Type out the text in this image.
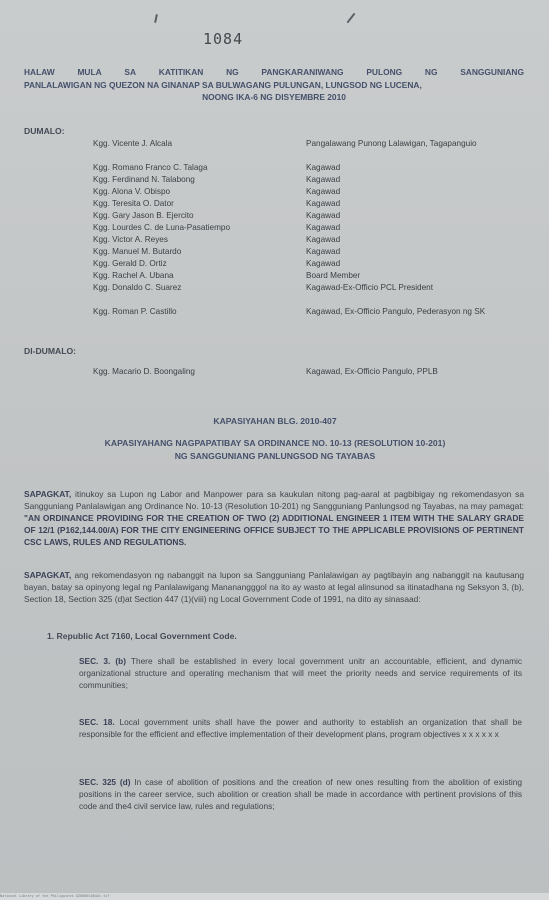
1084
HALAW	MULA	SA	KATITIKAN	NG	PANGKARANIWANG	PULONG	NG	SANGGUNIANG
PANLALAWIGAN NG QUEZON NA GINANAP SA BULWAGANG PULUNGAN, LUNGSOD NG LUCENA,
NOONG IKA-6 NG DISYEMBRE 2010
DUMALO:
Kgg. Vicente J. Alcala	Pangalawang Punong Lalawigan, Tagapanguio
Kgg. Romano Franco C. Talaga	Kagawad
Kgg. Ferdinand N. Talabong	Kagawad
Kgg. Alona V. Obispo	Kagawad
Kgg. Teresita O. Dator	Kagawad
Kgg. Gary Jason B. Ejercito	Kagawad
Kgg. Lourdes C. de Luna-Pasatiempo	Kagawad
Kgg. Victor A. Reyes	Kagawad
Kgg. Manuel M. Butardo	Kagawad
Kgg. Gerald D. Ortiz	Kagawad
Kgg. Rachel A. Ubana	Board Member
Kgg. Donaldo C. Suarez	Kagawad-Ex-Officio PCL President
Kgg. Roman P. Castillo	Kagawad, Ex-Officio Pangulo, Pederasyon ng SK
DI-DUMALO:
Kgg. Macario D. Boongaling	Kagawad, Ex-Officio Pangulo, PPLB
KAPASIYAHAN BLG. 2010-407
KAPASIYAHANG NAGPAPATIBAY SA ORDINANCE NO. 10-13 (RESOLUTION 10-201)
NG SANGGUNIANG PANLUNGSOD NG TAYABAS
SAPAGKAT, itinukoy sa Lupon ng Labor and Manpower para sa kaukulan nitong pag-aaral at pagbibigay ng rekomendasyon sa Sangguniang Panlalawigan ang Ordinance No. 10-13 (Resolution 10-201) ng Sangguniang Panlungsod ng Tayabas, na may pamagat: "AN ORDINANCE PROVIDING FOR THE CREATION OF TWO (2) ADDITIONAL ENGINEER 1 ITEM WITH THE SALARY GRADE OF 12/1 (P162,144.00/A) FOR THE CITY ENGINEERING OFFICE SUBJECT TO THE APPLICABLE PROVISIONS OF PERTINENT CSC LAWS, RULES AND REGULATIONS.
SAPAGKAT, ang rekomendasyon ng nabanggit na lupon sa Sangguniang Panlalawigan ay pagtibayin ang nabanggit na kautusang bayan, batay sa opinyong legal ng Panlalawigang Mananangggol na ito ay wasto at legal alinsunod sa itinatadhana ng Seksyon 3, (b), Section 18, Section 325 (d)at Section 447 (1)(viii) ng Local Government Code of 1991, na dito ay sinasaad:
1. Republic Act 7160, Local Government Code.
SEC. 3. (b) There shall be established in every local government unitr an accountable, efficient, and dynamic organizational structure and operating mechanism that will meet the priority needs and service requirements of its communities;
SEC. 18. Local government units shall have the power and authority to establish an organization that shall be responsible for the efficient and effective implementation of their development plans, program objectives x x x x x x
SEC. 325 (d) In case of abolition of positions and the creation of new ones resulting from the abolition of existing positions in the career service, such abolition or creation shall be made in accordance with pertinent provisions of this code and the4 civil service law, rules and regulations;
National Library of the Philippines QZ000010844c.tif
